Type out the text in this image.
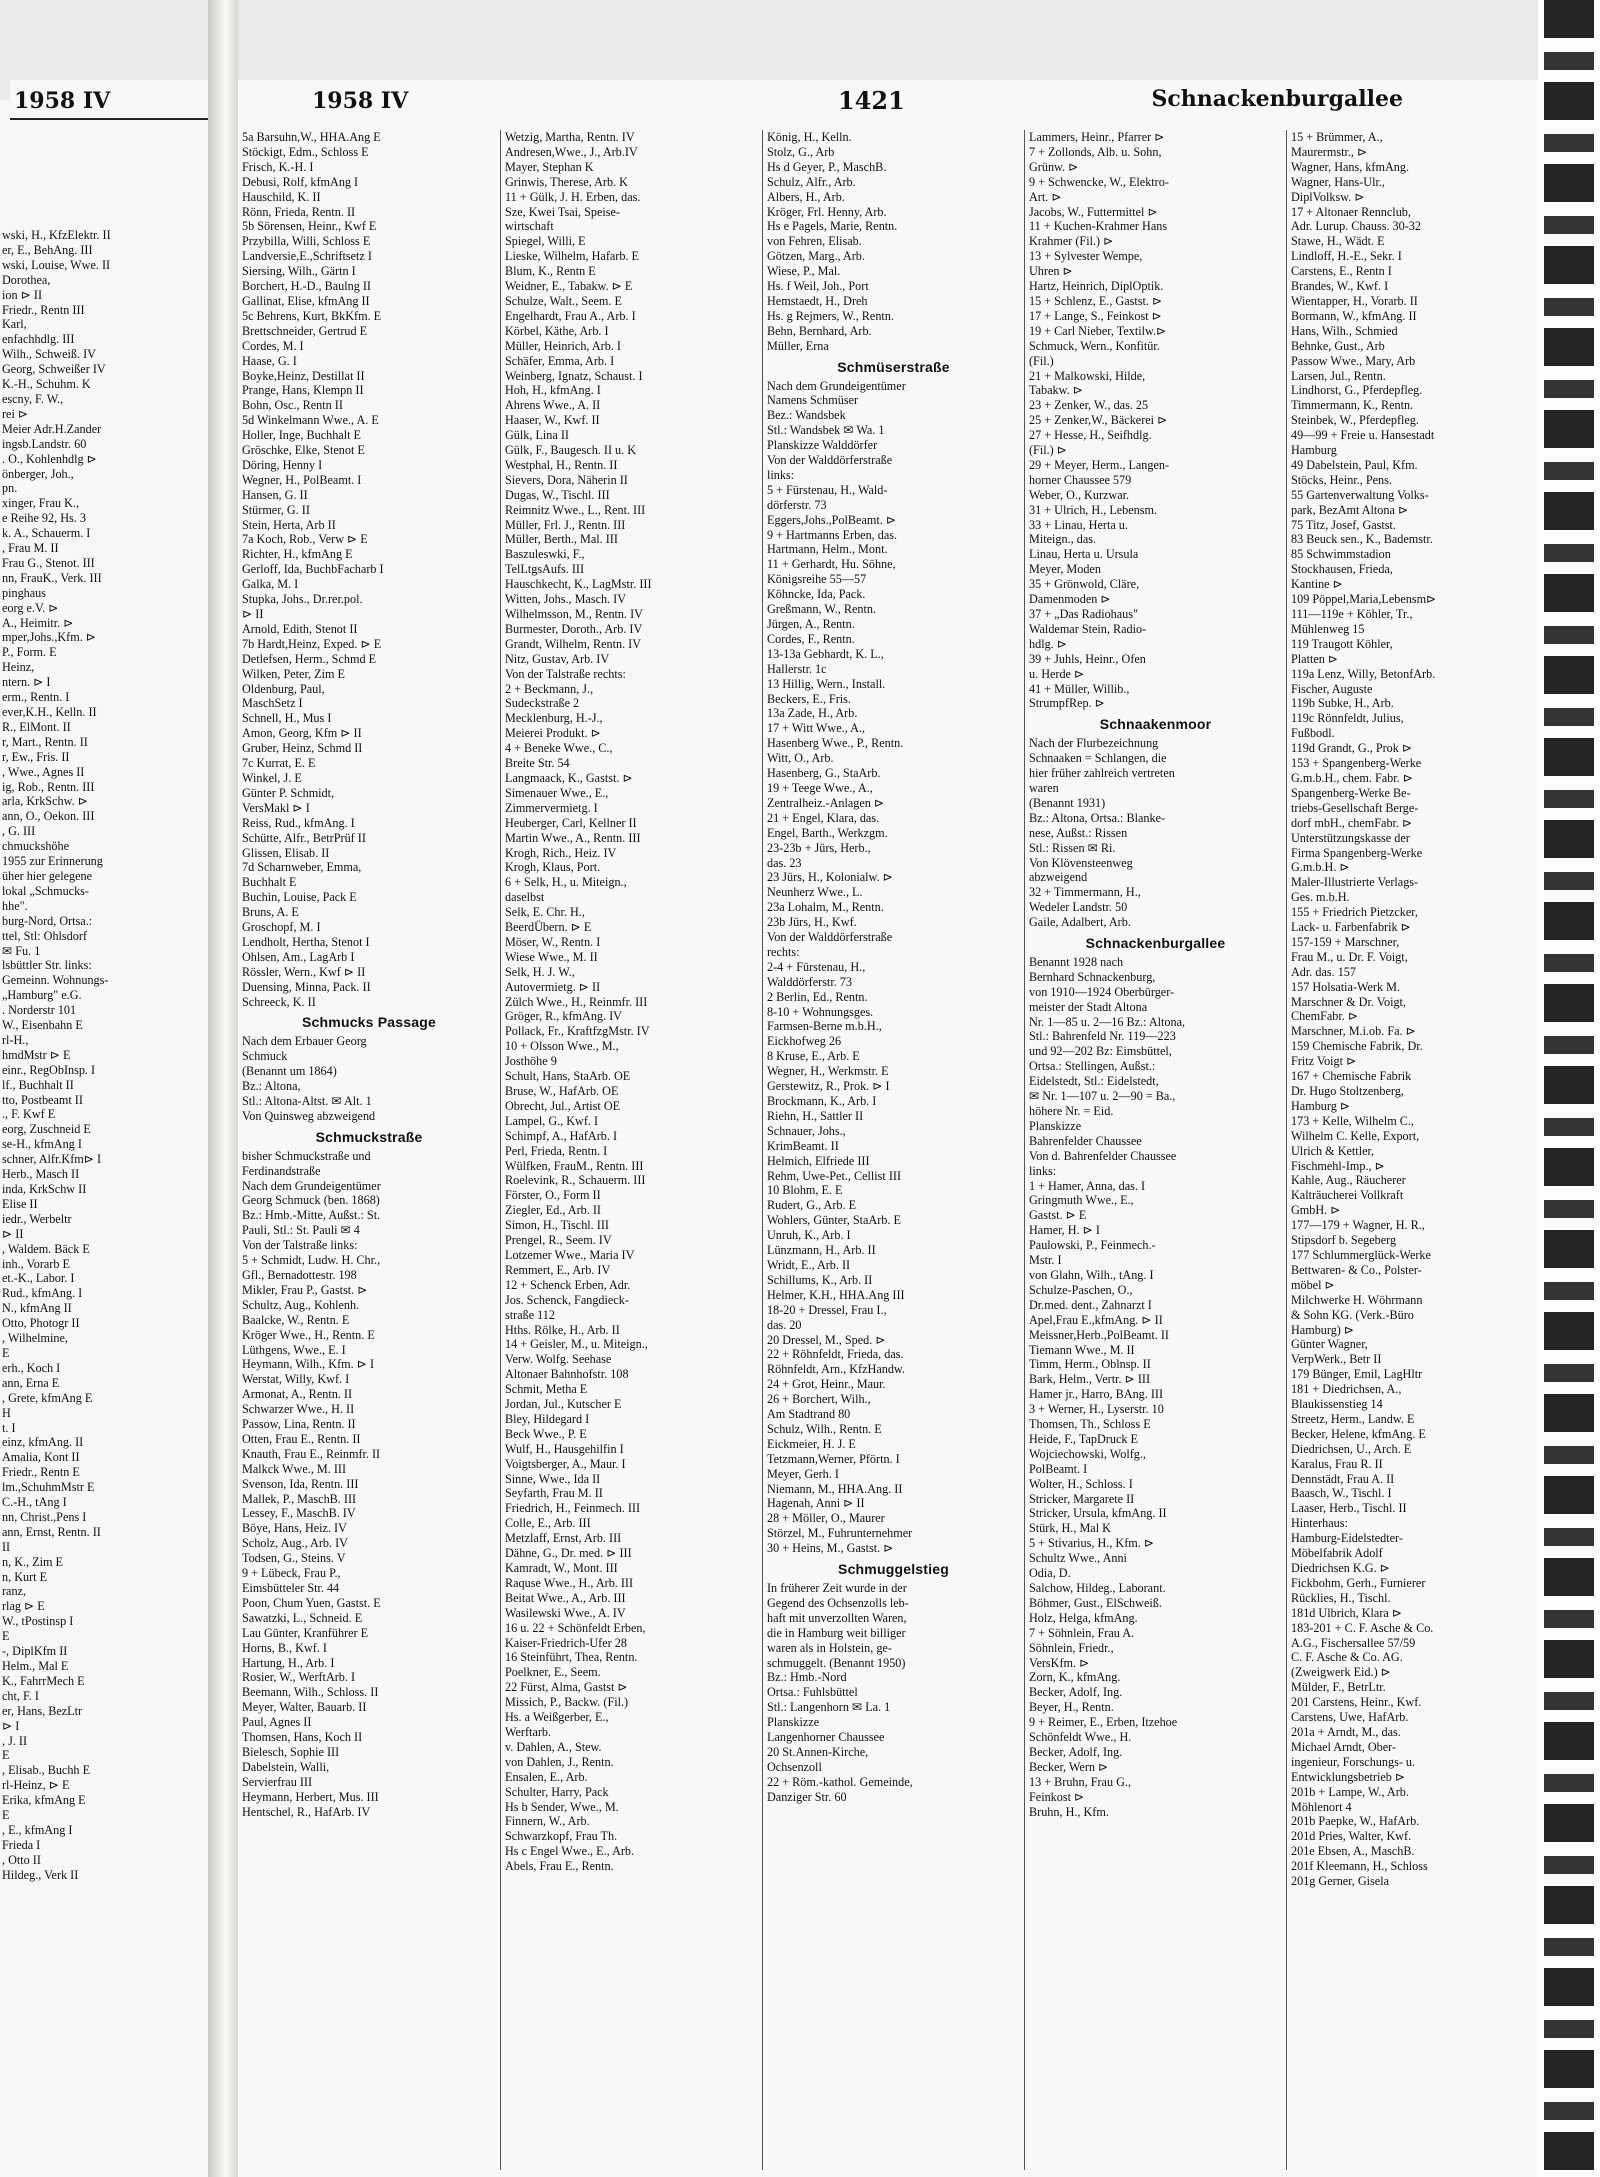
wski, H., KfzElektr. II
er, E., BehAng. III
wski, Louise, Wwe. II
Dorothea,
ion ⊳ II
Friedr., Rentn III
Karl,
enfachhdlg. III
Wilh., Schweiß. IV
Georg, Schweißer IV
K.-H., Schuhm. K
escny, F. W.,
rei ⊳
Meier Adr.H.Zander
ingsb.Landstr. 60
. O., Kohlenhdlg ⊳
önberger, Joh.,
pn.
xinger, Frau K.,
e Reihe 92, Hs. 3
k. A., Schauerm. I
, Frau M. II
Frau G., Stenot. III
nn, FrauK., Verk. III
pinghaus
eorg e.V. ⊳
A., Heimitr. ⊳
mper,Johs.,Kfm. ⊳
P., Form. E
Heinz,
ntern. ⊳ I
erm., Rentn. I
ever,K.H., Kelln. II
R., ElMont. II
r, Mart., Rentn. II
r, Ew., Fris. II
, Wwe., Agnes II
ig, Rob., Rentn. III
arla, KrkSchw. ⊳
ann, O., Oekon. III
, G. III
chmuckshöhe
1955 zur Erinnerung
üher hier gelegene
lokal „Schmucks-
hhe".
burg-Nord, Ortsa.:
ttel, Stl: Ohlsdorf
✉ Fu. 1
lsbüttler Str. links:
Gemeinn. Wohnungs-
„Hamburg" e.G.
. Norderstr 101
W., Eisenbahn E
rl-H.,
hmdMstr ⊳ E
einr., RegObInsp. I
lf., Buchhalt II
tto, Postbeamt II
., F. Kwf E
eorg, Zuschneid E
se-H., kfmAng I
schner, Alfr.Kfm⊳ I
Herb., Masch II
inda, KrkSchw II
Elise II
iedr., Werbeltr
⊳ II
, Waldem. Bäck E
inh., Vorarb E
et.-K., Labor. I
Rud., kfmAng. I
N., kfmAng II
Otto, Photogr II
, Wilhelmine,
E
erh., Koch I
ann, Erna E
, Grete, kfmAng E
H
t. I
einz, kfmAng. II
Amalia, Kont II
Friedr., Rentn E
lm.,SchuhmMstr E
C.-H., tAng I
nn, Christ.,Pens I
ann, Ernst, Rentn. II
II
n, K., Zim E
n, Kurt E
ranz,
rlag ⊳ E
W., tPostinsp I
E
-, DiplKfm II
Helm., Mal E
K., FahrrMech E
cht, F. I
er, Hans, BezLtr
⊳ I
, J. II
E
, Elisab., Buchh E
rl-Heinz, ⊳ E
Erika, kfmAng E
E
, E., kfmAng I
Frieda I
, Otto II
Hildeg., Verk II
1958 IV	1958 IV	1421	Schnackenburgallee
5a Barsuhn,W., HHA.Ang E
Stöckigt, Edm., Schloss E
Frisch, K.-H. I
Debusi, Rolf, kfmAng I
Hauschild, K. II
Rönn, Frieda, Rentn. II
5b Sörensen, Heinr., Kwf E
Przybilla, Willi, Schloss E
Landversie,E.,Schriftsetz I
Siersing, Wilh., Gärtn I
Borchert, H.-D., Baulng II
Gallinat, Elise, kfmAng II
5c Behrens, Kurt, BkKfm. E
Brettschneider, Gertrud E
Cordes, M. I
Haase, G. I
Boyke,Heinz, Destillat II
Prange, Hans, Klempn II
Bohn, Osc., Rentn II
5d Winkelmann Wwe., A. E
Holler, Inge, Buchhalt E
Gröschke, Elke, Stenot E
Döring, Henny I
Wegner, H., PolBeamt. I
Hansen, G. II
Stürmer, G. II
Stein, Herta, Arb II
7a Koch, Rob., Verw ⊳ E
Richter, H., kfmAng E
Gerloff, Ida, BuchbFacharb I
Galka, M. I
Stupka, Johs., Dr.rer.pol.
⊳ II
Arnold, Edith, Stenot II
7b Hardt,Heinz, Exped. ⊳ E
Detlefsen, Herm., Schmd E
Wilken, Peter, Zim E
Oldenburg, Paul,
MaschSetz I
Schnell, H., Mus I
Amon, Georg, Kfm ⊳ II
Gruber, Heinz, Schmd II
7c Kurrat, E. E
Winkel, J. E
Günter P. Schmidt,
VersMakl ⊳ I
Reiss, Rud., kfmAng. I
Schütte, Alfr., BetrPrüf II
Glissen, Elisab. II
7d Scharnweber, Emma,
Buchhalt E
Buchin, Louise, Pack E
Bruns, A. E
Groschopf, M. I
Lendholt, Hertha, Stenot I
Ohlsen, Am., LagArb I
Rössler, Wern., Kwf ⊳ II
Duensing, Minna, Pack. II
Schreeck, K. II
Schmucks Passage
Nach dem Erbauer Georg
Schmuck
(Benannt um 1864)
Bz.: Altona,
Stl.: Altona-Altst. ✉ Alt. 1
Von Quinsweg abzweigend
Schmuckstraße
bisher Schmuckstraße und
Ferdinandstraße
Nach dem Grundeigentümer
Georg Schmuck (ben. 1868)
Bz.: Hmb.-Mitte, Außst.: St.
Pauli, Stl.: St. Pauli ✉ 4
Von der Talstraße links:
5 + Schmidt, Ludw. H. Chr.,
Gfl., Bernadottestr. 198
Mikler, Frau P., Gastst. ⊳
Schultz, Aug., Kohlenh.
Baalcke, W., Rentn. E
Kröger Wwe., H., Rentn. E
Lüthgens, Wwe., E. I
Heymann, Wilh., Kfm. ⊳ I
Werstat, Willy, Kwf. I
Armonat, A., Rentn. II
Schwarzer Wwe., H. II
Passow, Lina, Rentn. II
Otten, Frau E., Rentn. II
Knauth, Frau E., Reinmfr. II
Malkck Wwe., M. III
Svenson, Ida, Rentn. III
Mallek, P., MaschB. III
Lessey, F., MaschB. IV
Böye, Hans, Heiz. IV
Scholz, Aug., Arb. IV
Todsen, G., Steins. V
9 + Lübeck, Frau P.,
Eimsbütteler Str. 44
Poon, Chum Yuen, Gastst. E
Sawatzki, L., Schneid. E
Lau Günter, Kranführer E
Horns, B., Kwf. I
Hartung, H., Arb. I
Rosier, W., WerftArb. I
Beemann, Wilh., Schloss. II
Meyer, Walter, Bauarb. II
Paul, Agnes II
Thomsen, Hans, Koch II
Bielesch, Sophie III
Dabelstein, Walli,
Servierfrau III
Heymann, Herbert, Mus. III
Hentschel, R., HafArb. IV
Wetzig, Martha, Rentn. IV
Andresen,Wwe., J., Arb.IV
Mayer, Stephan K
Grinwis, Therese, Arb. K
11 + Gülk, J. H. Erben, das.
Sze, Kwei Tsai, Speise-
wirtschaft
Spiegel, Willi, E
Lieske, Wilhelm, Hafarb. E
Blum, K., Rentn E
Weidner, E., Tabakw. ⊳ E
Schulze, Walt., Seem. E
Engelhardt, Frau A., Arb. I
Körbel, Käthe, Arb. I
Müller, Heinrich, Arb. I
Schäfer, Emma, Arb. I
Weinberg, Ignatz, Schaust. I
Hoh, H., kfmAng. I
Ahrens Wwe., A. II
Haaser, W., Kwf. II
Gülk, Lina II
Gülk, F., Baugesch. II u. K
Westphal, H., Rentn. II
Sievers, Dora, Näherin II
Dugas, W., Tischl. III
Reimnitz Wwe., L., Rent. III
Müller, Frl. J., Rentn. III
Müller, Berth., Mal. III
Baszuleswki, F.,
TelLtgsAufs. III
Hauschkecht, K., LagMstr. III
Witten, Johs., Masch. IV
Wilhelmsson, M., Rentn. IV
Burmester, Doroth., Arb. IV
Grandt, Wilhelm, Rentn. IV
Nitz, Gustav, Arb. IV
Von der Talstraße rechts:
2 + Beckmann, J.,
Sudeckstraße 2
Mecklenburg, H.-J.,
Meierei Produkt. ⊳
4 + Beneke Wwe., C.,
Breite Str. 54
Langmaack, K., Gastst. ⊳
Simenauer Wwe., E.,
Zimmervermietg. I
Heuberger, Carl, Kellner II
Martin Wwe., A., Rentn. III
Krogh, Rich., Heiz. IV
Krogh, Klaus, Port.
6 + Selk, H., u. Miteign.,
daselbst
Selk, E. Chr. H.,
BeerdÜbern. ⊳ E
Möser, W., Rentn. I
Wiese Wwe., M. II
Selk, H. J. W.,
Autovermietg. ⊳ II
Zülch Wwe., H., Reinmfr. III
Gröger, R., kfmAng. IV
Pollack, Fr., KraftfzgMstr. IV
10 + Olsson Wwe., M.,
Josthöhe 9
Schult, Hans, StaArb. OE
Bruse, W., HafArb. OE
Obrecht, Jul., Artist OE
Lampel, G., Kwf. I
Schimpf, A., HafArb. I
Perl, Frieda, Rentn. I
Wülfken, FrauM., Rentn. III
Roelevink, R., Schauerm. III
Förster, O., Form II
Ziegler, Ed., Arb. II
Simon, H., Tischl. III
Prengel, R., Seem. IV
Lotzemer Wwe., Maria IV
Remmert, E., Arb. IV
12 + Schenck Erben, Adr.
Jos. Schenck, Fangdieck-
straße 112
Hths. Rölke, H., Arb. II
14 + Geisler, M., u. Miteign.,
Verw. Wolfg. Seehase
Altonaer Bahnhofstr. 108
Schmit, Metha E
Jordan, Jul., Kutscher E
Bley, Hildegard I
Beck Wwe., P. E
Wulf, H., Hausgehilfin I
Voigtsberger, A., Maur. I
Sinne, Wwe., Ida II
Seyfarth, Frau M. II
Friedrich, H., Feinmech. III
Colle, E., Arb. III
Metzlaff, Ernst, Arb. III
Dähne, G., Dr. med. ⊳ III
Kamradt, W., Mont. III
Raquse Wwe., H., Arb. III
Beitat Wwe., A., Arb. III
Wasilewski Wwe., A. IV
16 u. 22 + Schönfeldt Erben,
Kaiser-Friedrich-Ufer 28
16 Steinführt, Thea, Rentn.
Poelkner, E., Seem.
22 Fürst, Alma, Gastst ⊳
Missich, P., Backw. (Fil.)
Hs. a Weißgerber, E.,
Werftarb.
v. Dahlen, A., Stew.
von Dahlen, J., Rentn.
Ensalen, E., Arb.
Schulter, Harry, Pack
Hs b Sender, Wwe., M.
Finnern, W., Arb.
Schwarzkopf, Frau Th.
Hs c Engel Wwe., E., Arb.
Abels, Frau E., Rentn.
König, H., Kelln.
Stolz, G., Arb
Hs d Geyer, P., MaschB.
Schulz, Alfr., Arb.
Albers, H., Arb.
Kröger, Frl. Henny, Arb.
Hs e Pagels, Marie, Rentn.
von Fehren, Elisab.
Götzen, Marg., Arb.
Wiese, P., Mal.
Hs. f Weil, Joh., Port
Hemstaedt, H., Dreh
Hs. g Rejmers, W., Rentn.
Behn, Bernhard, Arb.
Müller, Erna
Schmüserstraße
Nach dem Grundeigentümer
Namens Schmüser
Bez.: Wandsbek
Stl.: Wandsbek ✉ Wa. 1
Planskizze Walddörfer
Von der Walddörferstraße
links:
5 + Fürstenau, H., Wald-
dörferstr. 73
Eggers,Johs.,PolBeamt. ⊳
9 + Hartmanns Erben, das.
Hartmann, Helm., Mont.
11 + Gerhardt, Hu. Söhne,
Königsreihe 55—57
Köhncke, Ida, Pack.
Greßmann, W., Rentn.
Jürgen, A., Rentn.
Cordes, F., Rentn.
13-13a Gebhardt, K. L.,
Hallerstr. 1c
13 Hillig, Wern., Install.
Beckers, E., Fris.
13a Zade, H., Arb.
17 + Witt Wwe., A.,
Hasenberg Wwe., P., Rentn.
Witt, O., Arb.
Hasenberg, G., StaArb.
19 + Teege Wwe., A.,
Zentralheiz.-Anlagen ⊳
21 + Engel, Klara, das.
Engel, Barth., Werkzgm.
23-23b + Jürs, Herb.,
das. 23
23 Jürs, H., Kolonialw. ⊳
Neunherz Wwe., L.
23a Lohalm, M., Rentn.
23b Jürs, H., Kwf.
Von der Walddörferstraße
rechts:
2-4 + Fürstenau, H.,
Walddörferstr. 73
2 Berlin, Ed., Rentn.
8-10 + Wohnungsges.
Farmsen-Berne m.b.H.,
Eickhofweg 26
8 Kruse, E., Arb. E
Wegner, H., Werkmstr. E
Gerstewitz, R., Prok. ⊳ I
Brockmann, K., Arb. I
Riehn, H., Sattler II
Schnauer, Johs.,
KrimBeamt. II
Helmich, Elfriede III
Rehm, Uwe-Pet., Cellist III
10 Blohm, E. E
Rudert, G., Arb. E
Wohlers, Günter, StaArb. E
Unruh, K., Arb. I
Lünzmann, H., Arb. II
Wridt, E., Arb. II
Schillums, K., Arb. II
Helmer, K.H., HHA.Ang III
18-20 + Dressel, Frau I.,
das. 20
20 Dressel, M., Sped. ⊳
22 + Röhnfeldt, Frieda, das.
Röhnfeldt, Arn., KfzHandw.
24 + Grot, Heinr., Maur.
26 + Borchert, Wilh.,
Am Stadtrand 80
Schulz, Wilh., Rentn. E
Eickmeier, H. J. E
Tetzmann,Werner, Pförtn. I
Meyer, Gerh. I
Niemann, M., HHA.Ang. II
Hagenah, Anni ⊳ II
28 + Möller, O., Maurer
Störzel, M., Fuhrunternehmer
30 + Heins, M., Gastst. ⊳
Schmuggelstieg
In früherer Zeit wurde in der
Gegend des Ochsenzolls leb-
haft mit unverzollten Waren,
die in Hamburg weit billiger
waren als in Holstein, ge-
schmuggelt. (Benannt 1950)
Bz.: Hmb.-Nord
Ortsa.: Fuhlsbüttel
Stl.: Langenhorn ✉ La. 1
Planskizze
Langenhorner Chaussee
20 St.Annen-Kirche,
Ochsenzoll
22 + Röm.-kathol. Gemeinde,
Danziger Str. 60
Lammers, Heinr., Pfarrer ⊳
7 + Zollonds, Alb. u. Sohn,
Grünw. ⊳
9 + Schwencke, W., Elektro-
Art. ⊳
Jacobs, W., Futtermittel ⊳
11 + Kuchen-Krahmer Hans
Krahmer (Fil.) ⊳
13 + Sylvester Wempe,
Uhren ⊳
Hartz, Heinrich, DiplOptik.
15 + Schlenz, E., Gastst. ⊳
17 + Lange, S., Feinkost ⊳
19 + Carl Nieber, Textilw.⊳
Schmuck, Wern., Konfitür.
(Fil.)
21 + Malkowski, Hilde,
Tabakw. ⊳
23 + Zenker, W., das. 25
25 + Zenker,W., Bäckerei ⊳
27 + Hesse, H., Seifhdlg.
(Fil.) ⊳
29 + Meyer, Herm., Langen-
horner Chaussee 579
Weber, O., Kurzwar.
31 + Ulrich, H., Lebensm.
33 + Linau, Herta u.
Miteign., das.
Linau, Herta u. Ursula
Meyer, Moden
35 + Grönwold, Cläre,
Damenmoden ⊳
37 + „Das Radiohaus"
Waldemar Stein, Radio-
hdlg. ⊳
39 + Juhls, Heinr., Ofen
u. Herde ⊳
41 + Müller, Willib.,
StrumpfRep. ⊳
Schnaakenmoor
Nach der Flurbezeichnung
Schnaaken = Schlangen, die
hier früher zahlreich vertreten
waren
(Benannt 1931)
Bz.: Altona, Ortsa.: Blanke-
nese, Außst.: Rissen
Stl.: Rissen ✉ Ri.
Von Klövensteenweg
abzweigend
32 + Timmermann, H.,
Wedeler Landstr. 50
Gaile, Adalbert, Arb.
Schnackenburgallee
Benannt 1928 nach
Bernhard Schnackenburg,
von 1910—1924 Oberbürger-
meister der Stadt Altona
Nr. 1—85 u. 2—16 Bz.: Altona,
Stl.: Bahrenfeld Nr. 119—223
und 92—202 Bz: Eimsbüttel,
Ortsa.: Stellingen, Außst.:
Eidelstedt, Stl.: Eidelstedt,
✉ Nr. 1—107 u. 2—90 = Ba.,
höhere Nr. = Eid.
Planskizze
Bahrenfelder Chaussee
Von d. Bahrenfelder Chaussee
links:
1 + Hamer, Anna, das. I
Gringmuth Wwe., E.,
Gastst. ⊳ E
Hamer, H. ⊳ I
Paulowski, P., Feinmech.-
Mstr. I
von Glahn, Wilh., tAng. I
Schulze-Paschen, O.,
Dr.med. dent., Zahnarzt I
Apel,Frau E.,kfmAng. ⊳ II
Meissner,Herb.,PolBeamt. II
Tiemann Wwe., M. II
Timm, Herm., Oblnsp. II
Bark, Helm., Vertr. ⊳ III
Hamer jr., Harro, BAng. III
3 + Werner, H., Lyserstr. 10
Thomsen, Th., Schloss E
Heide, F., TapDruck E
Wojciechowski, Wolfg.,
PolBeamt. I
Wolter, H., Schloss. I
Stricker, Margarete II
Stricker, Ursula, kfmAng. II
Stürk, H., Mal K
5 + Stivarius, H., Kfm. ⊳
Schultz Wwe., Anni
Odia, D.
Salchow, Hildeg., Laborant.
Böhmer, Gust., ElSchweiß.
Holz, Helga, kfmAng.
7 + Söhnlein, Frau A.
Söhnlein, Friedr.,
VersKfm. ⊳
Zorn, K., kfmAng.
Becker, Adolf, Ing.
Beyer, H., Rentn.
9 + Reimer, E., Erben, Itzehoe
Schönfeldt Wwe., H.
Becker, Adolf, Ing.
Becker, Wern ⊳
13 + Bruhn, Frau G.,
Feinkost ⊳
Bruhn, H., Kfm.
15 + Brümmer, A.,
Maurermstr., ⊳
Wagner, Hans, kfmAng.
Wagner, Hans-Ulr.,
DiplVolksw. ⊳
17 + Altonaer Rennclub,
Adr. Lurup. Chauss. 30-32
Stawe, H., Wädt. E
Lindloff, H.-E., Sekr. I
Carstens, E., Rentn I
Brandes, W., Kwf. I
Wientapper, H., Vorarb. II
Bormann, W., kfmAng. II
Hans, Wilh., Schmied
Behnke, Gust., Arb
Passow Wwe., Mary, Arb
Larsen, Jul., Rentn.
Lindhorst, G., Pferdepfleg.
Timmermann, K., Rentn.
Steinbek, W., Pferdepfleg.
49—99 + Freie u. Hansestadt
Hamburg
49 Dabelstein, Paul, Kfm.
Stöcks, Heinr., Pens.
55 Gartenverwaltung Volks-
park, BezAmt Altona ⊳
75 Titz, Josef, Gastst.
83 Beuck sen., K., Bademstr.
85 Schwimmstadion
Stockhausen, Frieda,
Kantine ⊳
109 Pöppel,Maria,Lebensm⊳
111—119e + Köhler, Tr.,
Mühlenweg 15
119 Traugott Köhler,
Platten ⊳
119a Lenz, Willy, BetonfArb.
Fischer, Auguste
119b Subke, H., Arb.
119c Rönnfeldt, Julius,
Fußbodl.
119d Grandt, G., Prok ⊳
153 + Spangenberg-Werke
G.m.b.H., chem. Fabr. ⊳
Spangenberg-Werke Be-
triebs-Gesellschaft Berge-
dorf mbH., chemFabr. ⊳
Unterstützungskasse der
Firma Spangenberg-Werke
G.m.b.H. ⊳
Maler-Illustrierte Verlags-
Ges. m.b.H.
155 + Friedrich Pietzcker,
Lack- u. Farbenfabrik ⊳
157-159 + Marschner,
Frau M., u. Dr. F. Voigt,
Adr. das. 157
157 Holsatia-Werk M.
Marschner & Dr. Voigt,
ChemFabr. ⊳
Marschner, M.i.ob. Fa. ⊳
159 Chemische Fabrik, Dr.
Fritz Voigt ⊳
167 + Chemische Fabrik
Dr. Hugo Stoltzenberg,
Hamburg ⊳
173 + Kelle, Wilhelm C.,
Wilhelm C. Kelle, Export,
Ulrich & Kettler,
Fischmehl-Imp., ⊳
Kahle, Aug., Räucherer
Kalträucherei Vollkraft
GmbH. ⊳
177—179 + Wagner, H. R.,
Stipsdorf b. Segeberg
177 Schlummerglück-Werke
Bettwaren- & Co., Polster-
möbel ⊳
Milchwerke H. Wöhrmann
& Sohn KG. (Verk.-Büro
Hamburg) ⊳
Günter Wagner,
VerpWerk., Betr II
179 Bünger, Emil, LagHltr
181 + Diedrichsen, A.,
Blaukissenstieg 14
Streetz, Herm., Landw. E
Becker, Helene, kfmAng. E
Diedrichsen, U., Arch. E
Karalus, Frau R. II
Dennstädt, Frau A. II
Baasch, W., Tischl. I
Laaser, Herb., Tischl. II
Hinterhaus:
Hamburg-Eidelstedter-
Möbelfabrik Adolf
Diedrichsen K.G. ⊳
Fickbohm, Gerh., Furnierer
Rücklies, H., Tischl.
181d Ulbrich, Klara ⊳
183-201 + C. F. Asche & Co.
A.G., Fischersallee 57/59
C. F. Asche & Co. AG.
(Zweigwerk Eid.) ⊳
Mülder, F., BetrLtr.
201 Carstens, Heinr., Kwf.
Carstens, Uwe, HafArb.
201a + Arndt, M., das.
Michael Arndt, Ober-
ingenieur, Forschungs- u.
Entwicklungsbetrieb ⊳
201b + Lampe, W., Arb.
Möhlenort 4
201b Paepke, W., HafArb.
201d Pries, Walter, Kwf.
201e Ebsen, A., MaschB.
201f Kleemann, H., Schloss
201g Gerner, Gisela
